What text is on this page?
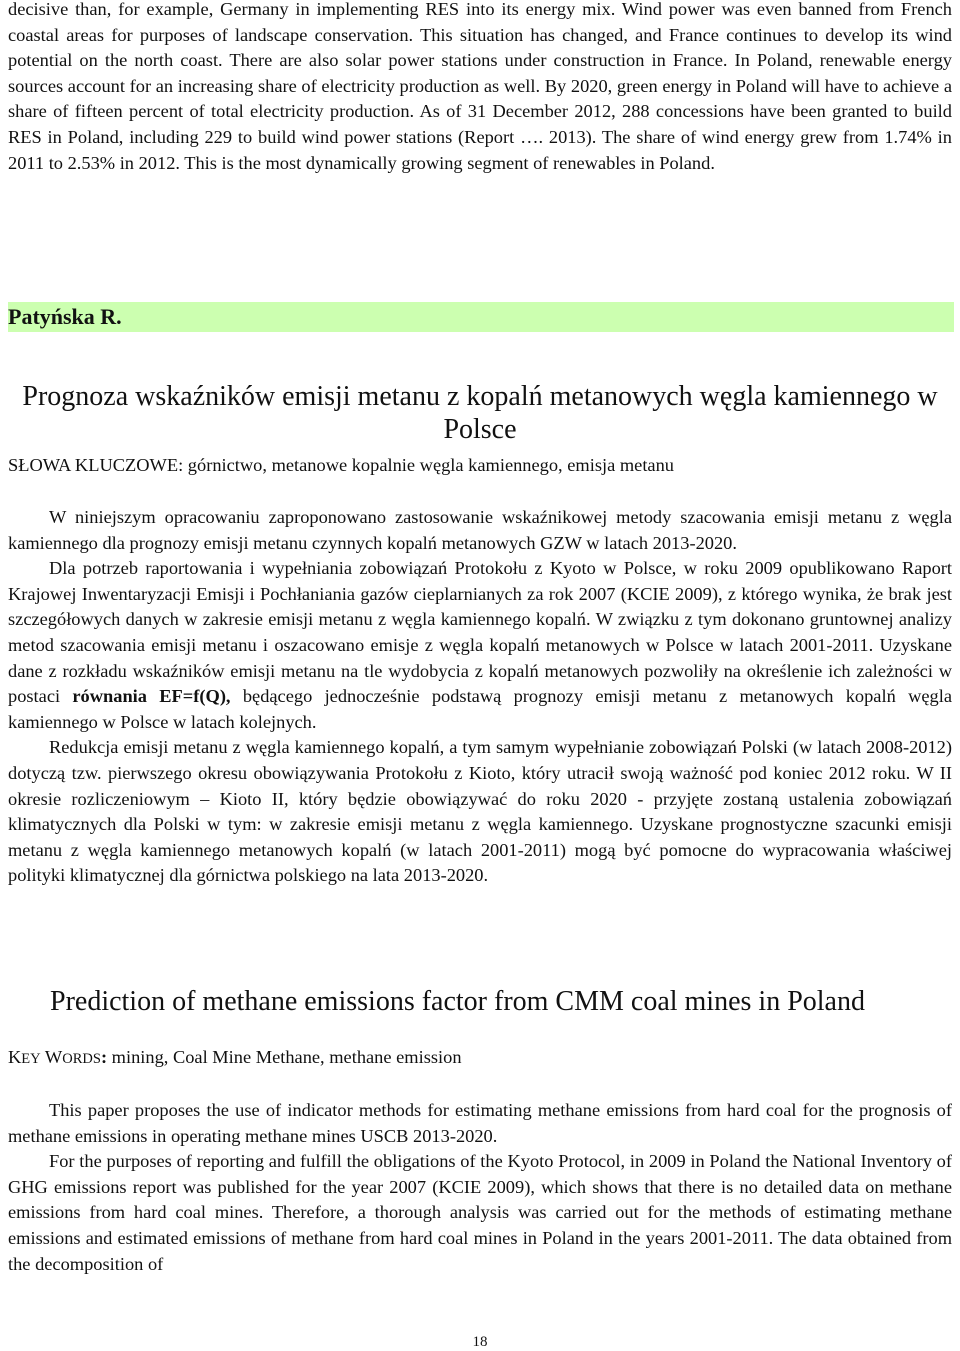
decisive than, for example, Germany in implementing RES into its energy mix. Wind power was even banned from French coastal areas for purposes of landscape conservation. This situation has changed, and France continues to develop its wind potential on the north coast. There are also solar power stations under construction in France. In Poland, renewable energy sources account for an increasing share of electricity production as well. By 2020, green energy in Poland will have to achieve a share of fifteen percent of total electricity production. As of 31 December 2012, 288 concessions have been granted to build RES in Poland, including 229 to build wind power stations (Report …. 2013). The share of wind energy grew from 1.74% in 2011 to 2.53% in 2012. This is the most dynamically growing segment of renewables in Poland.

Patyńska R.
Prognoza wskaźników emisji metanu z kopalń metanowych węgla kamiennego w Polsce
SŁOWA KLUCZOWE: górnictwo, metanowe kopalnie węgla kamiennego, emisja metanu

W niniejszym opracowaniu zaproponowano zastosowanie wskaźnikowej metody szacowania emisji metanu z węgla kamiennego dla prognozy emisji metanu czynnych kopalń metanowych GZW w latach 2013-2020.

Dla potrzeb raportowania i wypełniania zobowiązań Protokołu z Kyoto w Polsce, w roku 2009 opublikowano Raport Krajowej Inwentaryzacji Emisji i Pochłaniania gazów cieplarnianych za rok 2007 (KCIE 2009), z którego wynika, że brak jest szczegółowych danych w zakresie emisji metanu z węgla kamiennego kopalń. W związku z tym dokonano gruntownej analizy metod szacowania emisji metanu i oszacowano emisje z węgla kopalń metanowych w Polsce w latach 2001-2011. Uzyskane dane z rozkładu wskaźników emisji metanu na tle wydobycia z kopalń metanowych pozwoliły na określenie ich zależności w postaci równania EF=f(Q), będącego jednocześnie podstawą prognozy emisji metanu z metanowych kopalń węgla kamiennego w Polsce w latach kolejnych.

Redukcja emisji metanu z węgla kamiennego kopalń, a tym samym wypełnianie zobowiązań Polski (w latach 2008-2012) dotyczą tzw. pierwszego okresu obowiązywania Protokołu z Kioto, który utracił swoją ważność pod koniec 2012 roku. W II okresie rozliczeniowym – Kioto II, który będzie obowiązywać do roku 2020 - przyjęte zostaną ustalenia zobowiązań klimatycznych dla Polski w tym: w zakresie emisji metanu z węgla kamiennego. Uzyskane prognostyczne szacunki emisji metanu z węgla kamiennego metanowych kopalń (w latach 2001-2011) mogą być pomocne do wypracowania właściwej polityki klimatycznej dla górnictwa polskiego na lata 2013-2020.

Prediction of methane emissions factor from CMM coal mines in Poland
KEY WORDS: mining, Coal Mine Methane, methane emission

This paper proposes the use of indicator methods for estimating methane emissions from hard coal for the prognosis of methane emissions in operating methane mines USCB 2013-2020.

For the purposes of reporting and fulfill the obligations of the Kyoto Protocol, in 2009 in Poland the National Inventory of GHG emissions report was published for the year 2007 (KCIE 2009), which shows that there is no detailed data on methane emissions from hard coal mines. Therefore, a thorough analysis was carried out for the methods of estimating methane emissions and estimated emissions of methane from hard coal mines in Poland in the years 2001-2011. The data obtained from the decomposition of

18
